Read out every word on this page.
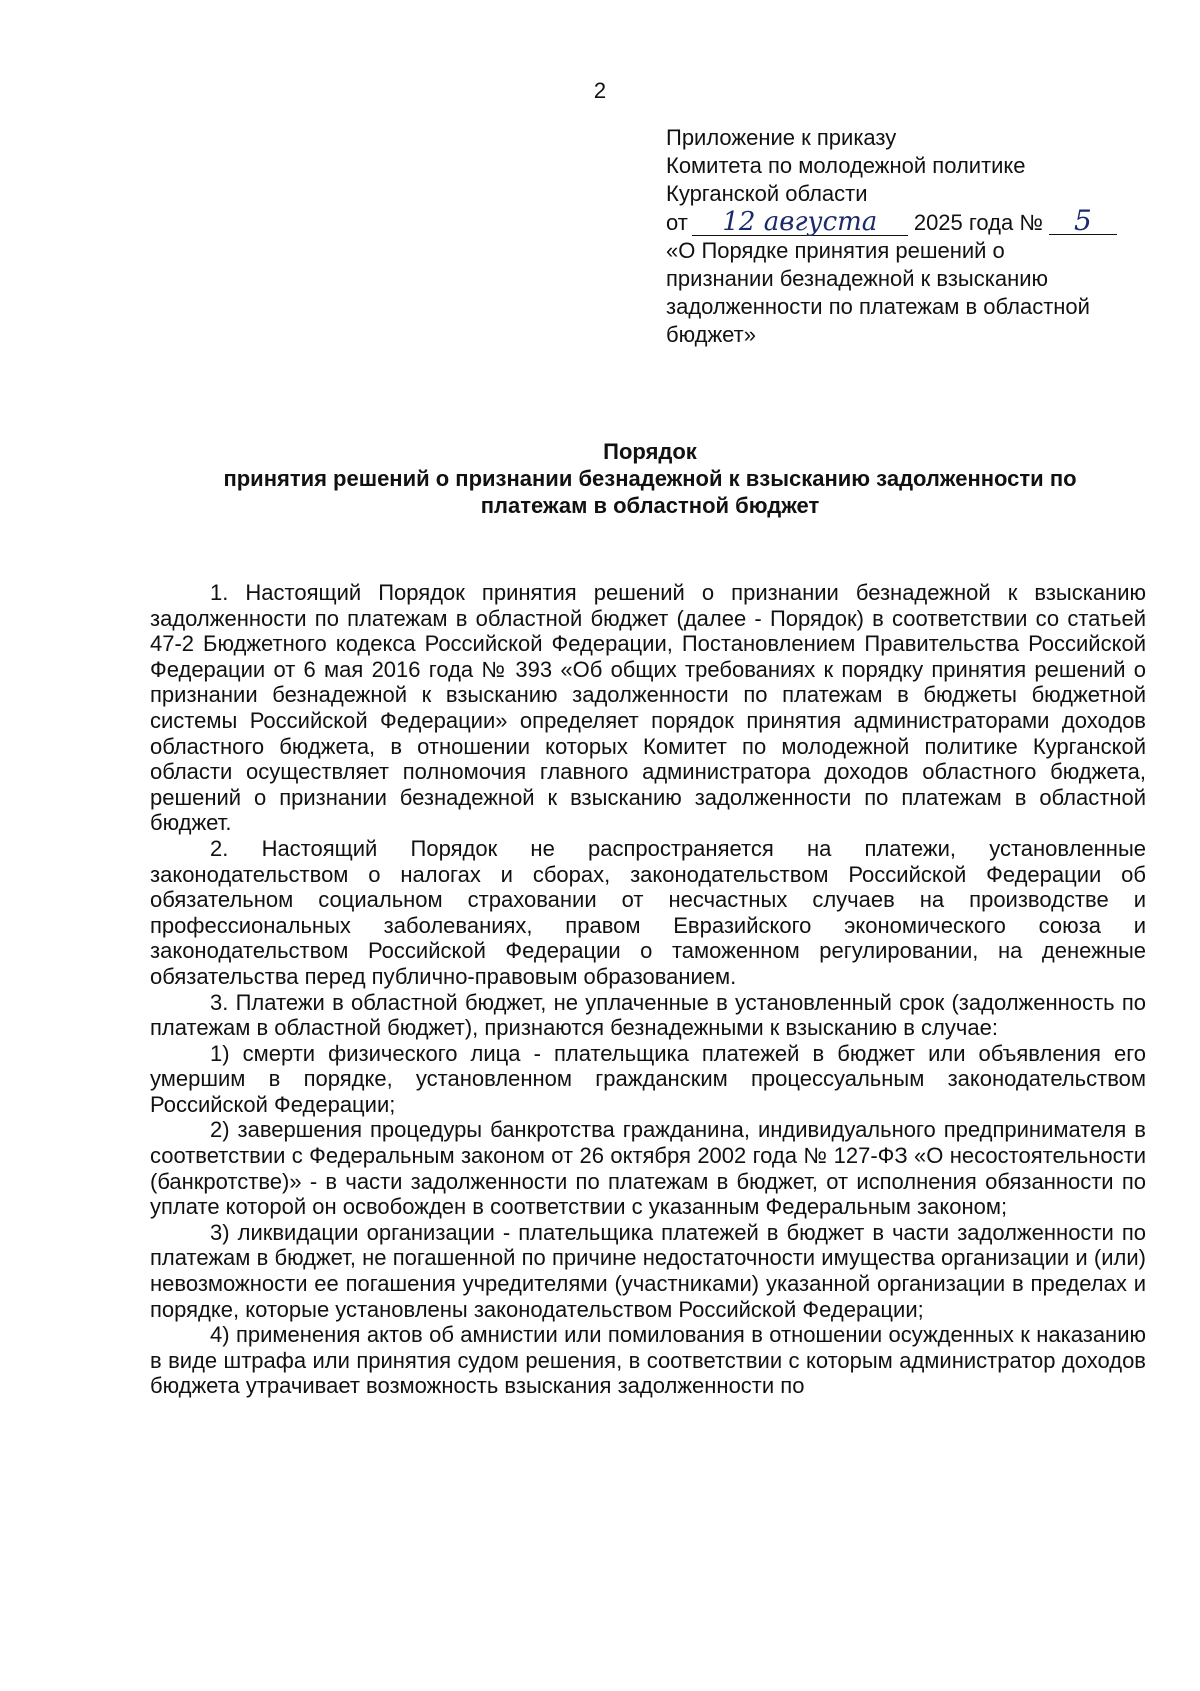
2
Приложение к приказу
Комитета по молодежной политике
Курганской области
от 12 августа 2025 года № 5
«О Порядке принятия решений о
признании безнадежной к взысканию
задолженности по платежам в областной
бюджет»
Порядок
принятия решений о признании безнадежной к взысканию задолженности по
платежам в областной бюджет

1. Настоящий Порядок принятия решений о признании безнадежной к взысканию задолженности по платежам в областной бюджет (далее - Порядок) в соответствии со статьей 47-2 Бюджетного кодекса Российской Федерации, Постановлением Правительства Российской Федерации от 6 мая 2016 года № 393 «Об общих требованиях к порядку принятия решений о признании безнадежной к взысканию задолженности по платежам в бюджеты бюджетной системы Российской Федерации» определяет порядок принятия администраторами доходов областного бюджета, в отношении которых Комитет по молодежной политике Курганской области осуществляет полномочия главного администратора доходов областного бюджета, решений о признании безнадежной к взысканию задолженности по платежам в областной бюджет.

2. Настоящий Порядок не распространяется на платежи, установленные законодательством о налогах и сборах, законодательством Российской Федерации об обязательном социальном страховании от несчастных случаев на производстве и профессиональных заболеваниях, правом Евразийского экономического союза и законодательством Российской Федерации о таможенном регулировании, на денежные обязательства перед публично-правовым образованием.

3. Платежи в областной бюджет, не уплаченные в установленный срок (задолженность по платежам в областной бюджет), признаются безнадежными к взысканию в случае:

1) смерти физического лица - плательщика платежей в бюджет или объявления его умершим в порядке, установленном гражданским процессуальным законодательством Российской Федерации;

2) завершения процедуры банкротства гражданина, индивидуального предпринимателя в соответствии с Федеральным законом от 26 октября 2002 года № 127-ФЗ «О несостоятельности (банкротстве)» - в части задолженности по платежам в бюджет, от исполнения обязанности по уплате которой он освобожден в соответствии с указанным Федеральным законом;

3) ликвидации организации - плательщика платежей в бюджет в части задолженности по платежам в бюджет, не погашенной по причине недостаточности имущества организации и (или) невозможности ее погашения учредителями (участниками) указанной организации в пределах и порядке, которые установлены законодательством Российской Федерации;

4) применения актов об амнистии или помилования в отношении осужденных к наказанию в виде штрафа или принятия судом решения, в соответствии с которым администратор доходов бюджета утрачивает возможность взыскания задолженности по
